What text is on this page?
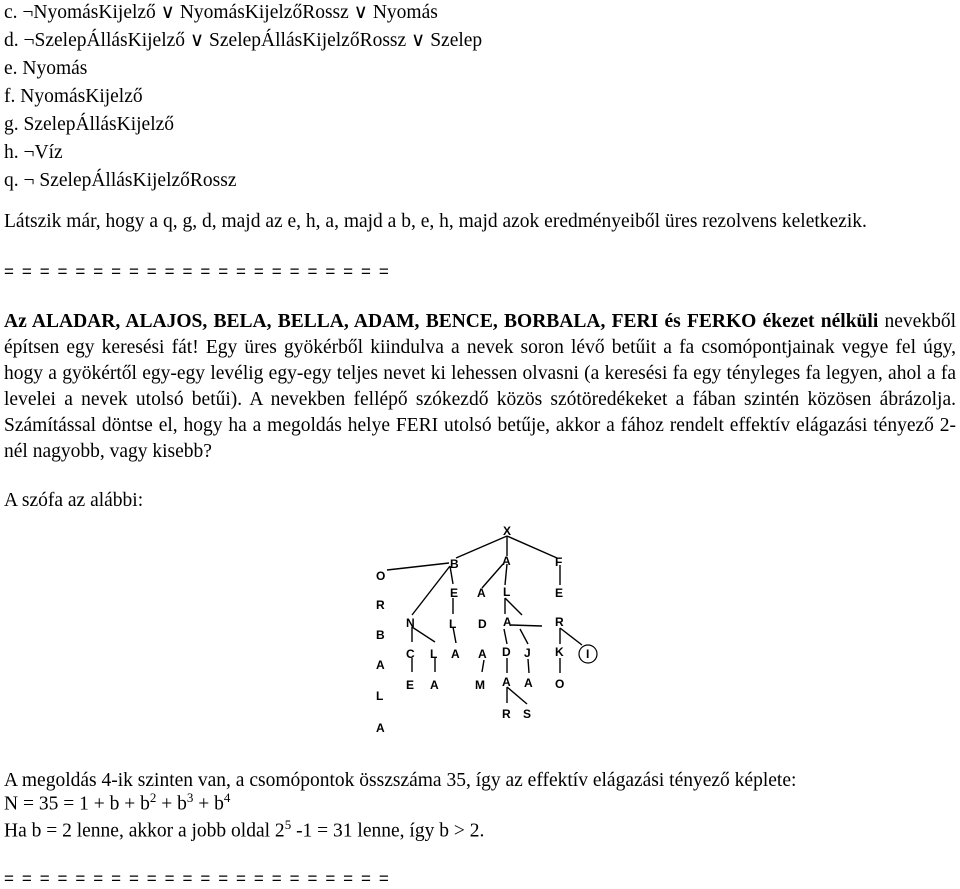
c. ¬NyomásKijelző ∨ NyomásKijelzőRossz ∨ Nyomás
d. ¬SzelepÁllásKijelző ∨ SzelepÁllásKijelzőRossz ∨ Szelep
e. Nyomás
f. NyomásKijelző
g. SzelepÁllásKijelző
h. ¬Víz
q. ¬ SzelepÁllásKijelzőRossz
Látszik már, hogy a q, g, d, majd az e, h, a, majd a b, e, h, majd azok eredményeiből üres rezolvens keletkezik.
= = = = = = = = = = = = = = = = = = = = = =
Az ALADAR, ALAJOS, BELA, BELLA, ADAM, BENCE, BORBALA, FERI és FERKO ékezet nélküli nevekből építsen egy keresési fát! Egy üres gyökérből kiindulva a nevek soron lévő betűit a fa csomópontjainak vegye fel úgy, hogy a gyökértől egy-egy levélig egy-egy teljes nevet ki lehessen olvasni (a keresési fa egy tényleges fa legyen, ahol a fa levelei a nevek utolsó betűi). A nevekben fellépő szókezdő közös szótöredékeket a fában szintén közösen ábrázolja. Számítással döntse el, hogy ha a megoldás helye FERI utolsó betűje, akkor a fához rendelt effektív elágazási tényező 2-nél nagyobb, vagy kisebb?
A szófa az alábbi:
X
O
B	A	F
R
E A L	E
B
N	L D A	R
A
C L A A D J K I
L
E A	M A A O
A
R S
A megoldás 4-ik szinten van, a csomópontok összszáma 35, így az effektív elágazási tényező képlete:
$N = 35 = 1 + b + b^2 + b^3 + b^4$
Ha b = 2 lenne, akkor a jobb oldal $2^5$ -1 = 31 lenne, így b > 2.
= = = = = = = = = = = = = = = = = = = = = =
